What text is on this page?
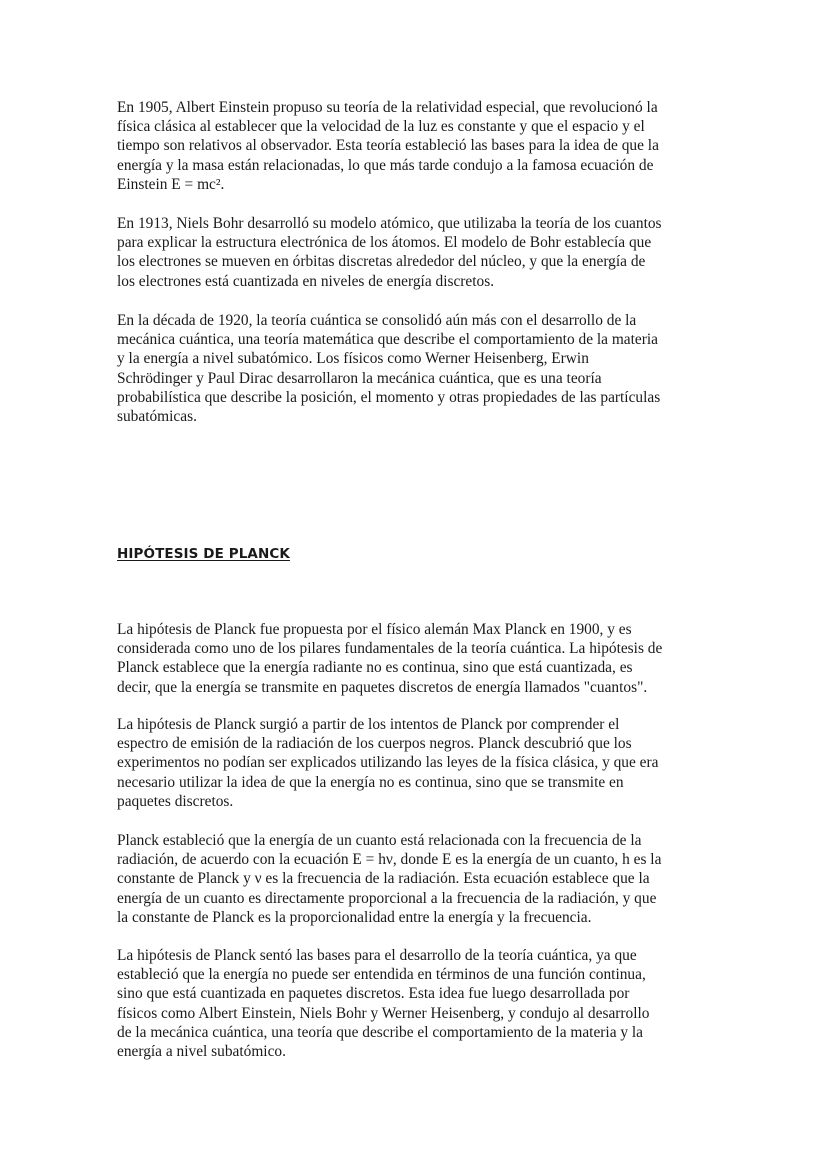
En 1905, Albert Einstein propuso su teoría de la relatividad especial, que revolucionó la
física clásica al establecer que la velocidad de la luz es constante y que el espacio y el
tiempo son relativos al observador. Esta teoría estableció las bases para la idea de que la
energía y la masa están relacionadas, lo que más tarde condujo a la famosa ecuación de
Einstein E = mc².

En 1913, Niels Bohr desarrolló su modelo atómico, que utilizaba la teoría de los cuantos
para explicar la estructura electrónica de los átomos. El modelo de Bohr establecía que
los electrones se mueven en órbitas discretas alrededor del núcleo, y que la energía de
los electrones está cuantizada en niveles de energía discretos.

En la década de 1920, la teoría cuántica se consolidó aún más con el desarrollo de la
mecánica cuántica, una teoría matemática que describe el comportamiento de la materia
y la energía a nivel subatómico. Los físicos como Werner Heisenberg, Erwin
Schrödinger y Paul Dirac desarrollaron la mecánica cuántica, que es una teoría
probabilística que describe la posición, el momento y otras propiedades de las partículas
subatómicas.

HIPÓTESIS DE PLANCK

La hipótesis de Planck fue propuesta por el físico alemán Max Planck en 1900, y es
considerada como uno de los pilares fundamentales de la teoría cuántica. La hipótesis de
Planck establece que la energía radiante no es continua, sino que está cuantizada, es
decir, que la energía se transmite en paquetes discretos de energía llamados "cuantos".

La hipótesis de Planck surgió a partir de los intentos de Planck por comprender el
espectro de emisión de la radiación de los cuerpos negros. Planck descubrió que los
experimentos no podían ser explicados utilizando las leyes de la física clásica, y que era
necesario utilizar la idea de que la energía no es continua, sino que se transmite en
paquetes discretos.

Planck estableció que la energía de un cuanto está relacionada con la frecuencia de la
radiación, de acuerdo con la ecuación E = hν, donde E es la energía de un cuanto, h es la
constante de Planck y ν es la frecuencia de la radiación. Esta ecuación establece que la
energía de un cuanto es directamente proporcional a la frecuencia de la radiación, y que
la constante de Planck es la proporcionalidad entre la energía y la frecuencia.

La hipótesis de Planck sentó las bases para el desarrollo de la teoría cuántica, ya que
estableció que la energía no puede ser entendida en términos de una función continua,
sino que está cuantizada en paquetes discretos. Esta idea fue luego desarrollada por
físicos como Albert Einstein, Niels Bohr y Werner Heisenberg, y condujo al desarrollo
de la mecánica cuántica, una teoría que describe el comportamiento de la materia y la
energía a nivel subatómico.
